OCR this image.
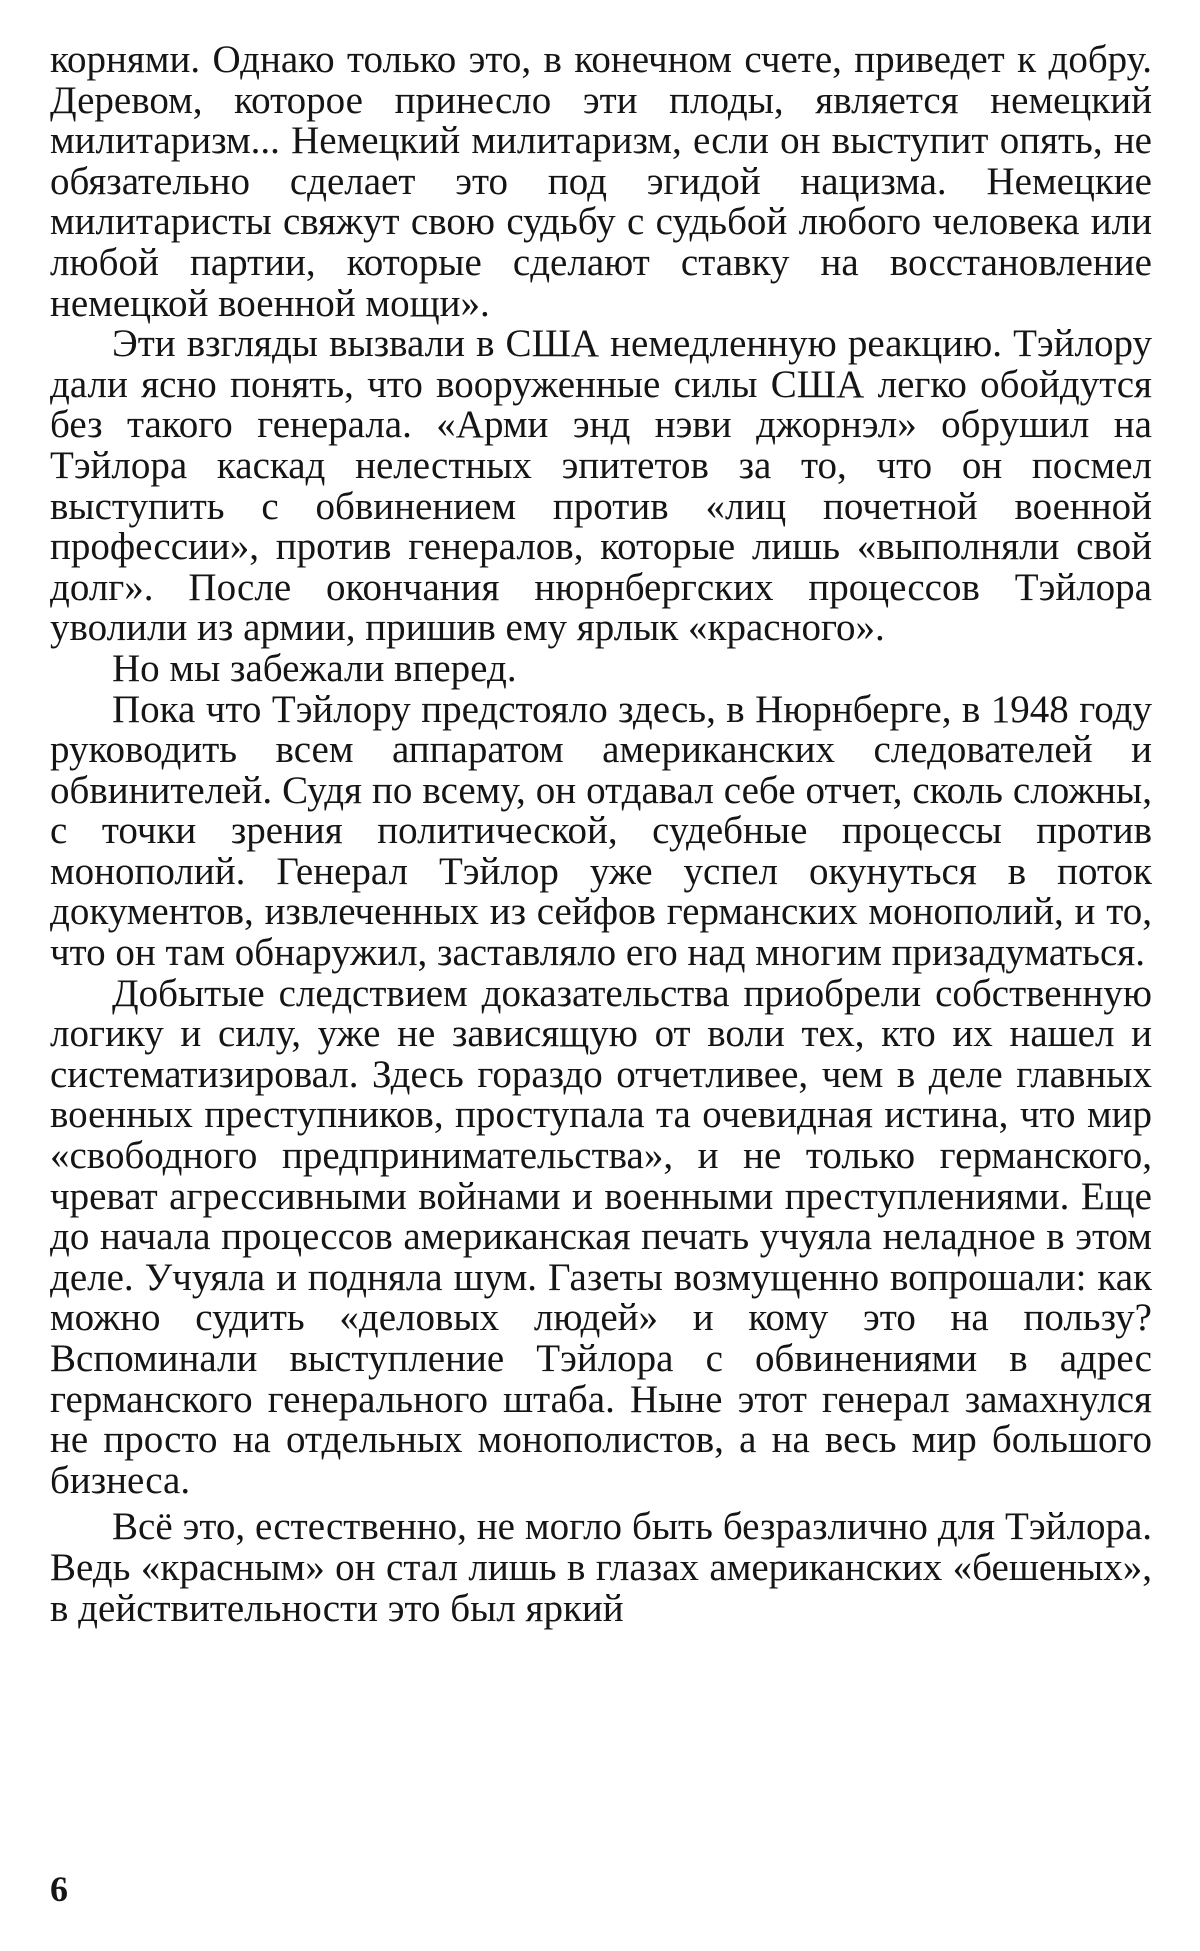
корнями. Однако только это, в конечном счете, приведет к добру. Деревом, которое принесло эти плоды, является немецкий милитаризм... Немецкий милитаризм, если он выступит опять, не обязательно сделает это под эгидой нацизма. Немецкие милитаристы свяжут свою судьбу с судьбой любого человека или любой партии, которые сделают ставку на восстановление немецкой военной мощи».

Эти взгляды вызвали в США немедленную реакцию. Тэйлору дали ясно понять, что вооруженные силы США легко обойдутся без такого генерала. «Арми энд нэви джорнэл» обрушил на Тэйлора каскад нелестных эпитетов за то, что он посмел выступить с обвинением против «лиц почетной военной профессии», против генералов, которые лишь «выполняли свой долг». После окончания нюрнбергских процессов Тэйлора уволили из армии, пришив ему ярлык «красного».

Но мы забежали вперед.

Пока что Тэйлору предстояло здесь, в Нюрнберге, в 1948 году руководить всем аппаратом американских следователей и обвинителей. Судя по всему, он отдавал себе отчет, сколь сложны, с точки зрения политической, судебные процессы против монополий. Генерал Тэйлор уже успел окунуться в поток документов, извлеченных из сейфов германских монополий, и то, что он там обнаружил, заставляло его над многим призадуматься.

Добытые следствием доказательства приобрели собственную логику и силу, уже не зависящую от воли тех, кто их нашел и систематизировал. Здесь гораздо отчетливее, чем в деле главных военных преступников, проступала та очевидная истина, что мир «свободного предпринимательства», и не только германского, чреват агрессивными войнами и военными преступлениями. Еще до начала процессов американская печать учуяла неладное в этом деле. Учуяла и подняла шум. Газеты возмущенно вопрошали: как можно судить «деловых людей» и кому это на пользу? Вспоминали выступление Тэйлора с обвинениями в адрес германского генерального штаба. Ныне этот генерал замахнулся не просто на отдельных монополистов, а на весь мир большого бизнеса.

Всё это, естественно, не могло быть безразлично для Тэйлора. Ведь «красным» он стал лишь в глазах американских «бешеных», в действительности это был яркий

6
